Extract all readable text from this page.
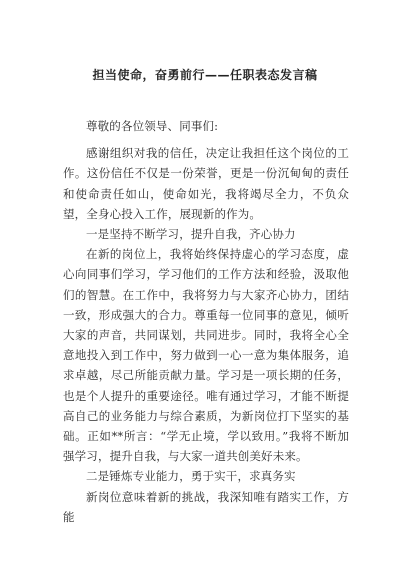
担当使命，奋勇前行——任职表态发言稿

尊敬的各位领导、同事们:

感谢组织对我的信任，决定让我担任这个岗位的工作。这份信任不仅是一份荣誉，更是一份沉甸甸的责任和使命责任如山，使命如光，我将竭尽全力，不负众望，全身心投入工作，展现新的作为。

一是坚持不断学习，提升自我，齐心协力

在新的岗位上，我将始终保持虚心的学习态度，虚心向同事们学习，学习他们的工作方法和经验，汲取他们的智慧。在工作中，我将努力与大家齐心协力，团结一致，形成强大的合力。尊重每一位同事的意见，倾听大家的声音，共同谋划，共同进步。同时，我将全心全意地投入到工作中，努力做到一心一意为集体服务，追求卓越，尽己所能贡献力量。学习是一项长期的任务，也是个人提升的重要途径。唯有通过学习，才能不断提高自己的业务能力与综合素质，为新岗位打下坚实的基础。正如**所言：“学无止境，学以致用。”我将不断加强学习，提升自我，与大家一道共创美好未来。

二是锤炼专业能力，勇于实干，求真务实

新岗位意味着新的挑战，我深知唯有踏实工作，方能
